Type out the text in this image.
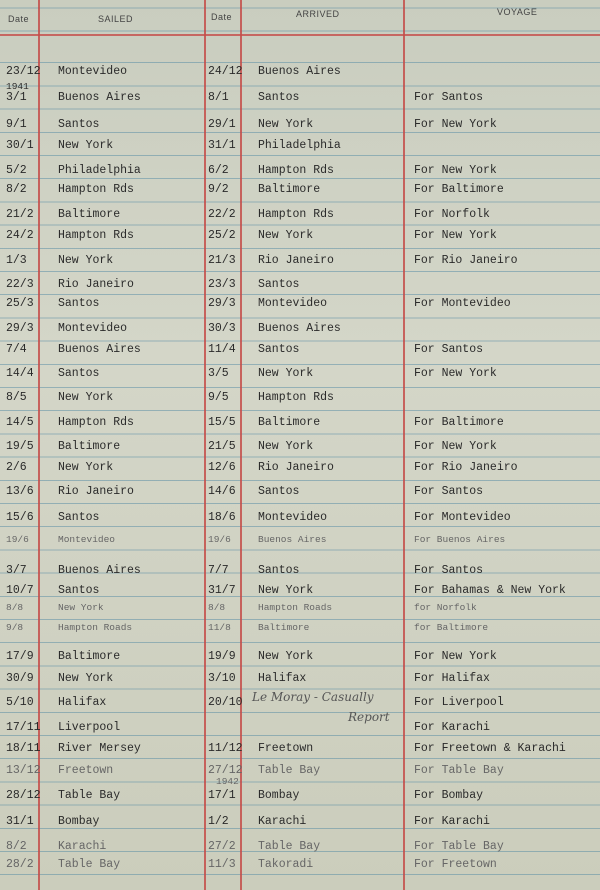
Date	SAILED	Date	ARRIVED	VOYAGE
1941
1942
Le Moray - Casually
Report
23/12 Montevideo	24/12 Buenos Aires
3/1	Buenos Aires	8/1	Santos	For Santos
9/1	Santos	29/1 New York	For New York
30/1 New York	31/1 Philadelphia
5/2	Philadelphia	6/2	Hampton Rds	For New York
8/2	Hampton Rds	9/2	Baltimore	For Baltimore
21/2 Baltimore	22/2 Hampton Rds	For Norfolk
24/2 Hampton Rds	25/2 New York	For New York
1/3	New York	21/3 Rio Janeiro	For Rio Janeiro
22/3 Rio Janeiro	23/3 Santos
25/3 Santos	29/3 Montevideo	For Montevideo
29/3 Montevideo	30/3 Buenos Aires
7/4	Buenos Aires	11/4 Santos	For Santos
14/4 Santos	3/5	New York	For New York
8/5	New York	9/5	Hampton Rds
14/5 Hampton Rds	15/5 Baltimore	For Baltimore
19/5 Baltimore	21/5 New York	For New York
2/6	New York	12/6 Rio Janeiro	For Rio Janeiro
13/6 Rio Janeiro	14/6 Santos	For Santos
15/6 Santos	18/6 Montevideo	For Montevideo
19/6	Montevideo	19/6	Buenos Aires	For Buenos Aires
3/7	Buenos Aires	7/7	Santos	For Santos
10/7 Santos	31/7 New York	For Bahamas & New York
8/8	New York	8/8	Hampton Roads	for Norfolk
9/8	Hampton Roads	11/8	Baltimore	for Baltimore
17/9 Baltimore	19/9 New York	For New York
30/9 New York	3/10 Halifax	For Halifax
5/10 Halifax	20/10	For Liverpool
17/11 Liverpool	For Karachi
18/11 River Mersey	11/12 Freetown	For Freetown & Karachi
13/12 Freetown	27/12 Table Bay	For Table Bay
28/12 Table Bay	17/1 Bombay	For Bombay
31/1 Bombay	1/2	Karachi	For Karachi
8/2	Karachi	27/2 Table Bay	For Table Bay
28/2 Table Bay	11/3 Takoradi	For Freetown
